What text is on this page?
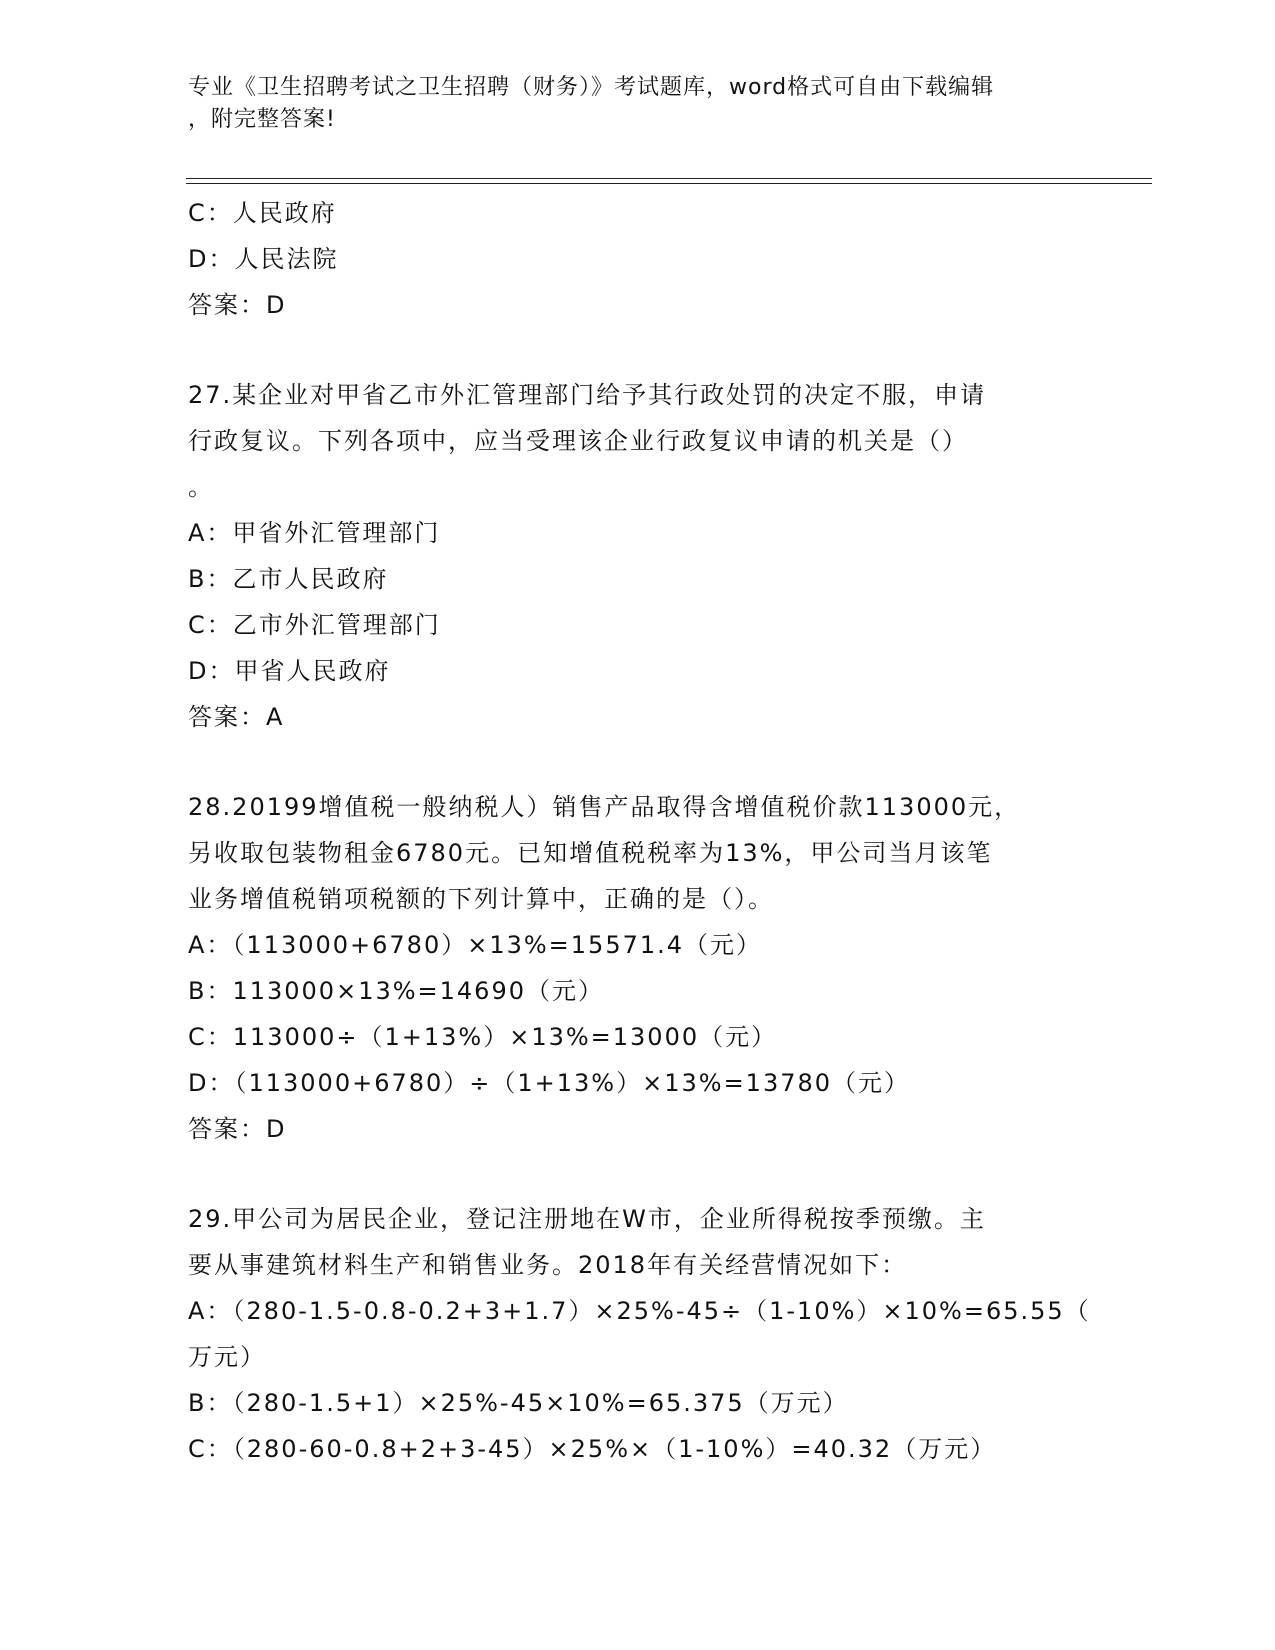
专业《卫生招聘考试之卫生招聘（财务）》考试题库，word格式可自由下载编辑
，附完整答案!
C：人民政府
D：人民法院
答案：D
27.某企业对甲省乙市外汇管理部门给予其行政处罚的决定不服，申请
行政复议。下列各项中，应当受理该企业行政复议申请的机关是（）
。
A：甲省外汇管理部门
B：乙市人民政府
C：乙市外汇管理部门
D：甲省人民政府
答案：A
28.20199增值税一般纳税人）销售产品取得含增值税价款113000元，
另收取包装物租金6780元。已知增值税税率为13%，甲公司当月该笔
业务增值税销项税额的下列计算中，正确的是（）。
A：（113000+6780）×13%=15571.4（元）
B：113000×13%=14690（元）
C：113000÷（1+13%）×13%=13000（元）
D：（113000+6780）÷（1+13%）×13%=13780（元）
答案：D
29.甲公司为居民企业，登记注册地在W市，企业所得税按季预缴。主
要从事建筑材料生产和销售业务。2018年有关经营情况如下：
A：（280-1.5-0.8-0.2+3+1.7）×25%-45÷（1-10%）×10%=65.55（
万元）
B：（280-1.5+1）×25%-45×10%=65.375（万元）
C：（280-60-0.8+2+3-45）×25%×（1-10%）=40.32（万元）
